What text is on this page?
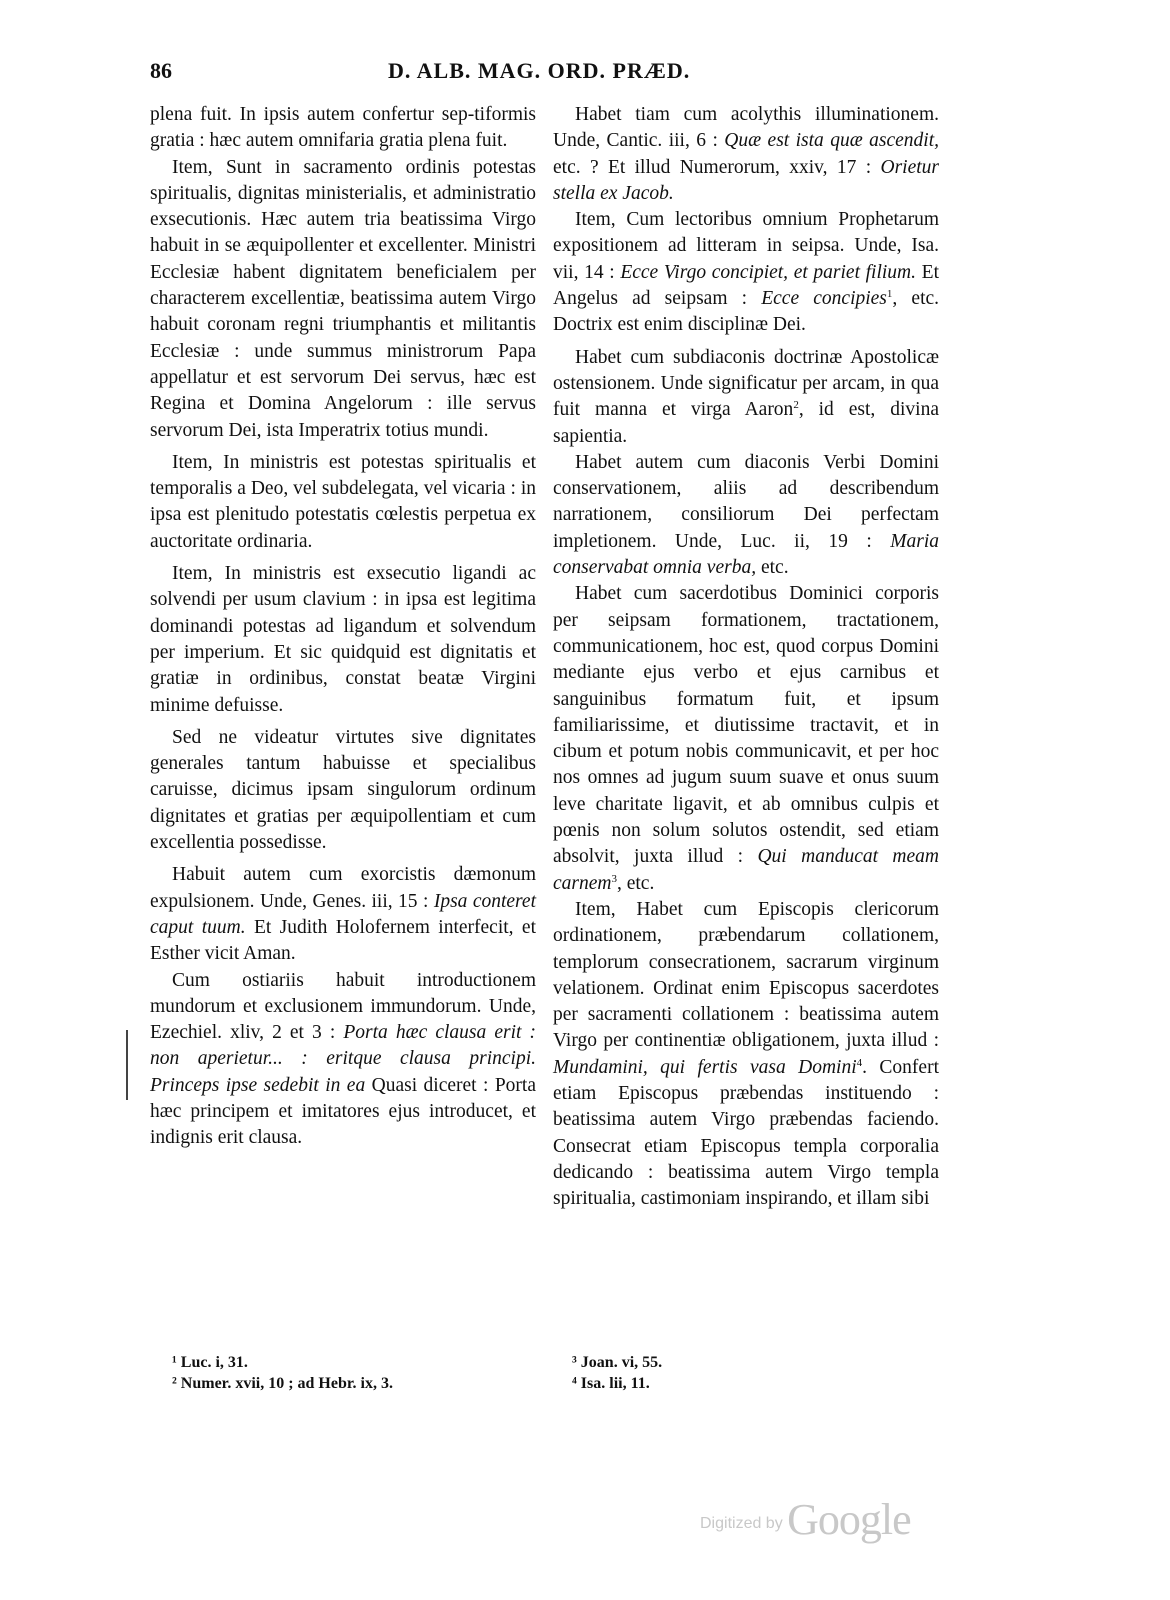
86	D. ALB. MAG. ORD. PRÆD.

plena fuit. In ipsis autem confertur sep-tiformis gratia : hæc autem omnifaria gratia plena fuit.

Item, Sunt in sacramento ordinis potestas spiritualis, dignitas ministerialis, et administratio exsecutionis. Hæc autem tria beatissima Virgo habuit in se æquipollenter et excellenter. Ministri Ecclesiæ habent dignitatem beneficialem per characterem excellentiæ, beatissima autem Virgo habuit coronam regni triumphantis et militantis Ecclesiæ : unde summus ministrorum Papa appellatur et est servorum Dei servus, hæc est Regina et Domina Angelorum : ille servus servorum Dei, ista Imperatrix totius mundi.

Item, In ministris est potestas spiritualis et temporalis a Deo, vel subdelegata, vel vicaria : in ipsa est plenitudo potestatis cœlestis perpetua ex auctoritate ordinaria.

Item, In ministris est exsecutio ligandi ac solvendi per usum clavium : in ipsa est legitima dominandi potestas ad ligandum et solvendum per imperium. Et sic quidquid est dignitatis et gratiæ in ordinibus, constat beatæ Virgini minime defuisse.

Sed ne videatur virtutes sive dignitates generales tantum habuisse et specialibus caruisse, dicimus ipsam singulorum ordinum dignitates et gratias per æquipollentiam et cum excellentia possedisse.

Habuit autem cum exorcistis dæmonum expulsionem. Unde, Genes. iii, 15 : Ipsa conteret caput tuum. Et Judith Holofernem interfecit, et Esther vicit Aman.

Cum ostiariis habuit introductionem mundorum et exclusionem immundorum. Unde, Ezechiel. xliv, 2 et 3 : Porta hæc clausa erit : non aperietur... : eritque clausa principi. Princeps ipse sedebit in ea Quasi diceret : Porta hæc principem et imitatores ejus introducet, et indignis erit clausa.

Habet tiam cum acolythis illuminationem. Unde, Cantic. iii, 6 : Quæ est ista quæ ascendit, etc. ? Et illud Numerorum, xxiv, 17 : Orietur stella ex Jacob.

Item, Cum lectoribus omnium Prophetarum expositionem ad litteram in seipsa. Unde, Isa. vii, 14 : Ecce Virgo concipiet, et pariet filium. Et Angelus ad seipsam : Ecce concipies$^1$, etc. Doctrix est enim disciplinæ Dei.

Habet cum subdiaconis doctrinæ Apostolicæ ostensionem. Unde significatur per arcam, in qua fuit manna et virga Aaron$^2$, id est, divina sapientia.

Habet autem cum diaconis Verbi Domini conservationem, aliis ad describendum narrationem, consiliorum Dei perfectam impletionem. Unde, Luc. ii, 19 : Maria conservabat omnia verba, etc.

Habet cum sacerdotibus Dominici corporis per seipsam formationem, tractationem, communicationem, hoc est, quod corpus Domini mediante ejus verbo et ejus carnibus et sanguinibus formatum fuit, et ipsum familiarissime, et diutissime tractavit, et in cibum et potum nobis communicavit, et per hoc nos omnes ad jugum suum suave et onus suum leve charitate ligavit, et ab omnibus culpis et pœnis non solum solutos ostendit, sed etiam absolvit, juxta illud : Qui manducat meam carnem$^3$, etc.

Item, Habet cum Episcopis clericorum ordinationem, præbendarum collationem, templorum consecrationem, sacrarum virginum velationem. Ordinat enim Episcopus sacerdotes per sacramenti collationem : beatissima autem Virgo per continentiæ obligationem, juxta illud : Mundamini, qui fertis vasa Domini$^4$. Confert etiam Episcopus præbendas instituendo : beatissima autem Virgo præbendas faciendo. Consecrat etiam Episcopus templa corporalia dedicando : beatissima autem Virgo templa spiritualia, castimoniam inspirando, et illam sibi

¹ Luc. i, 31.
² Numer. xvii, 10 ; ad Hebr. ix, 3.
³ Joan. vi, 55.
⁴ Isa. lii, 11.
Digitized by Google
